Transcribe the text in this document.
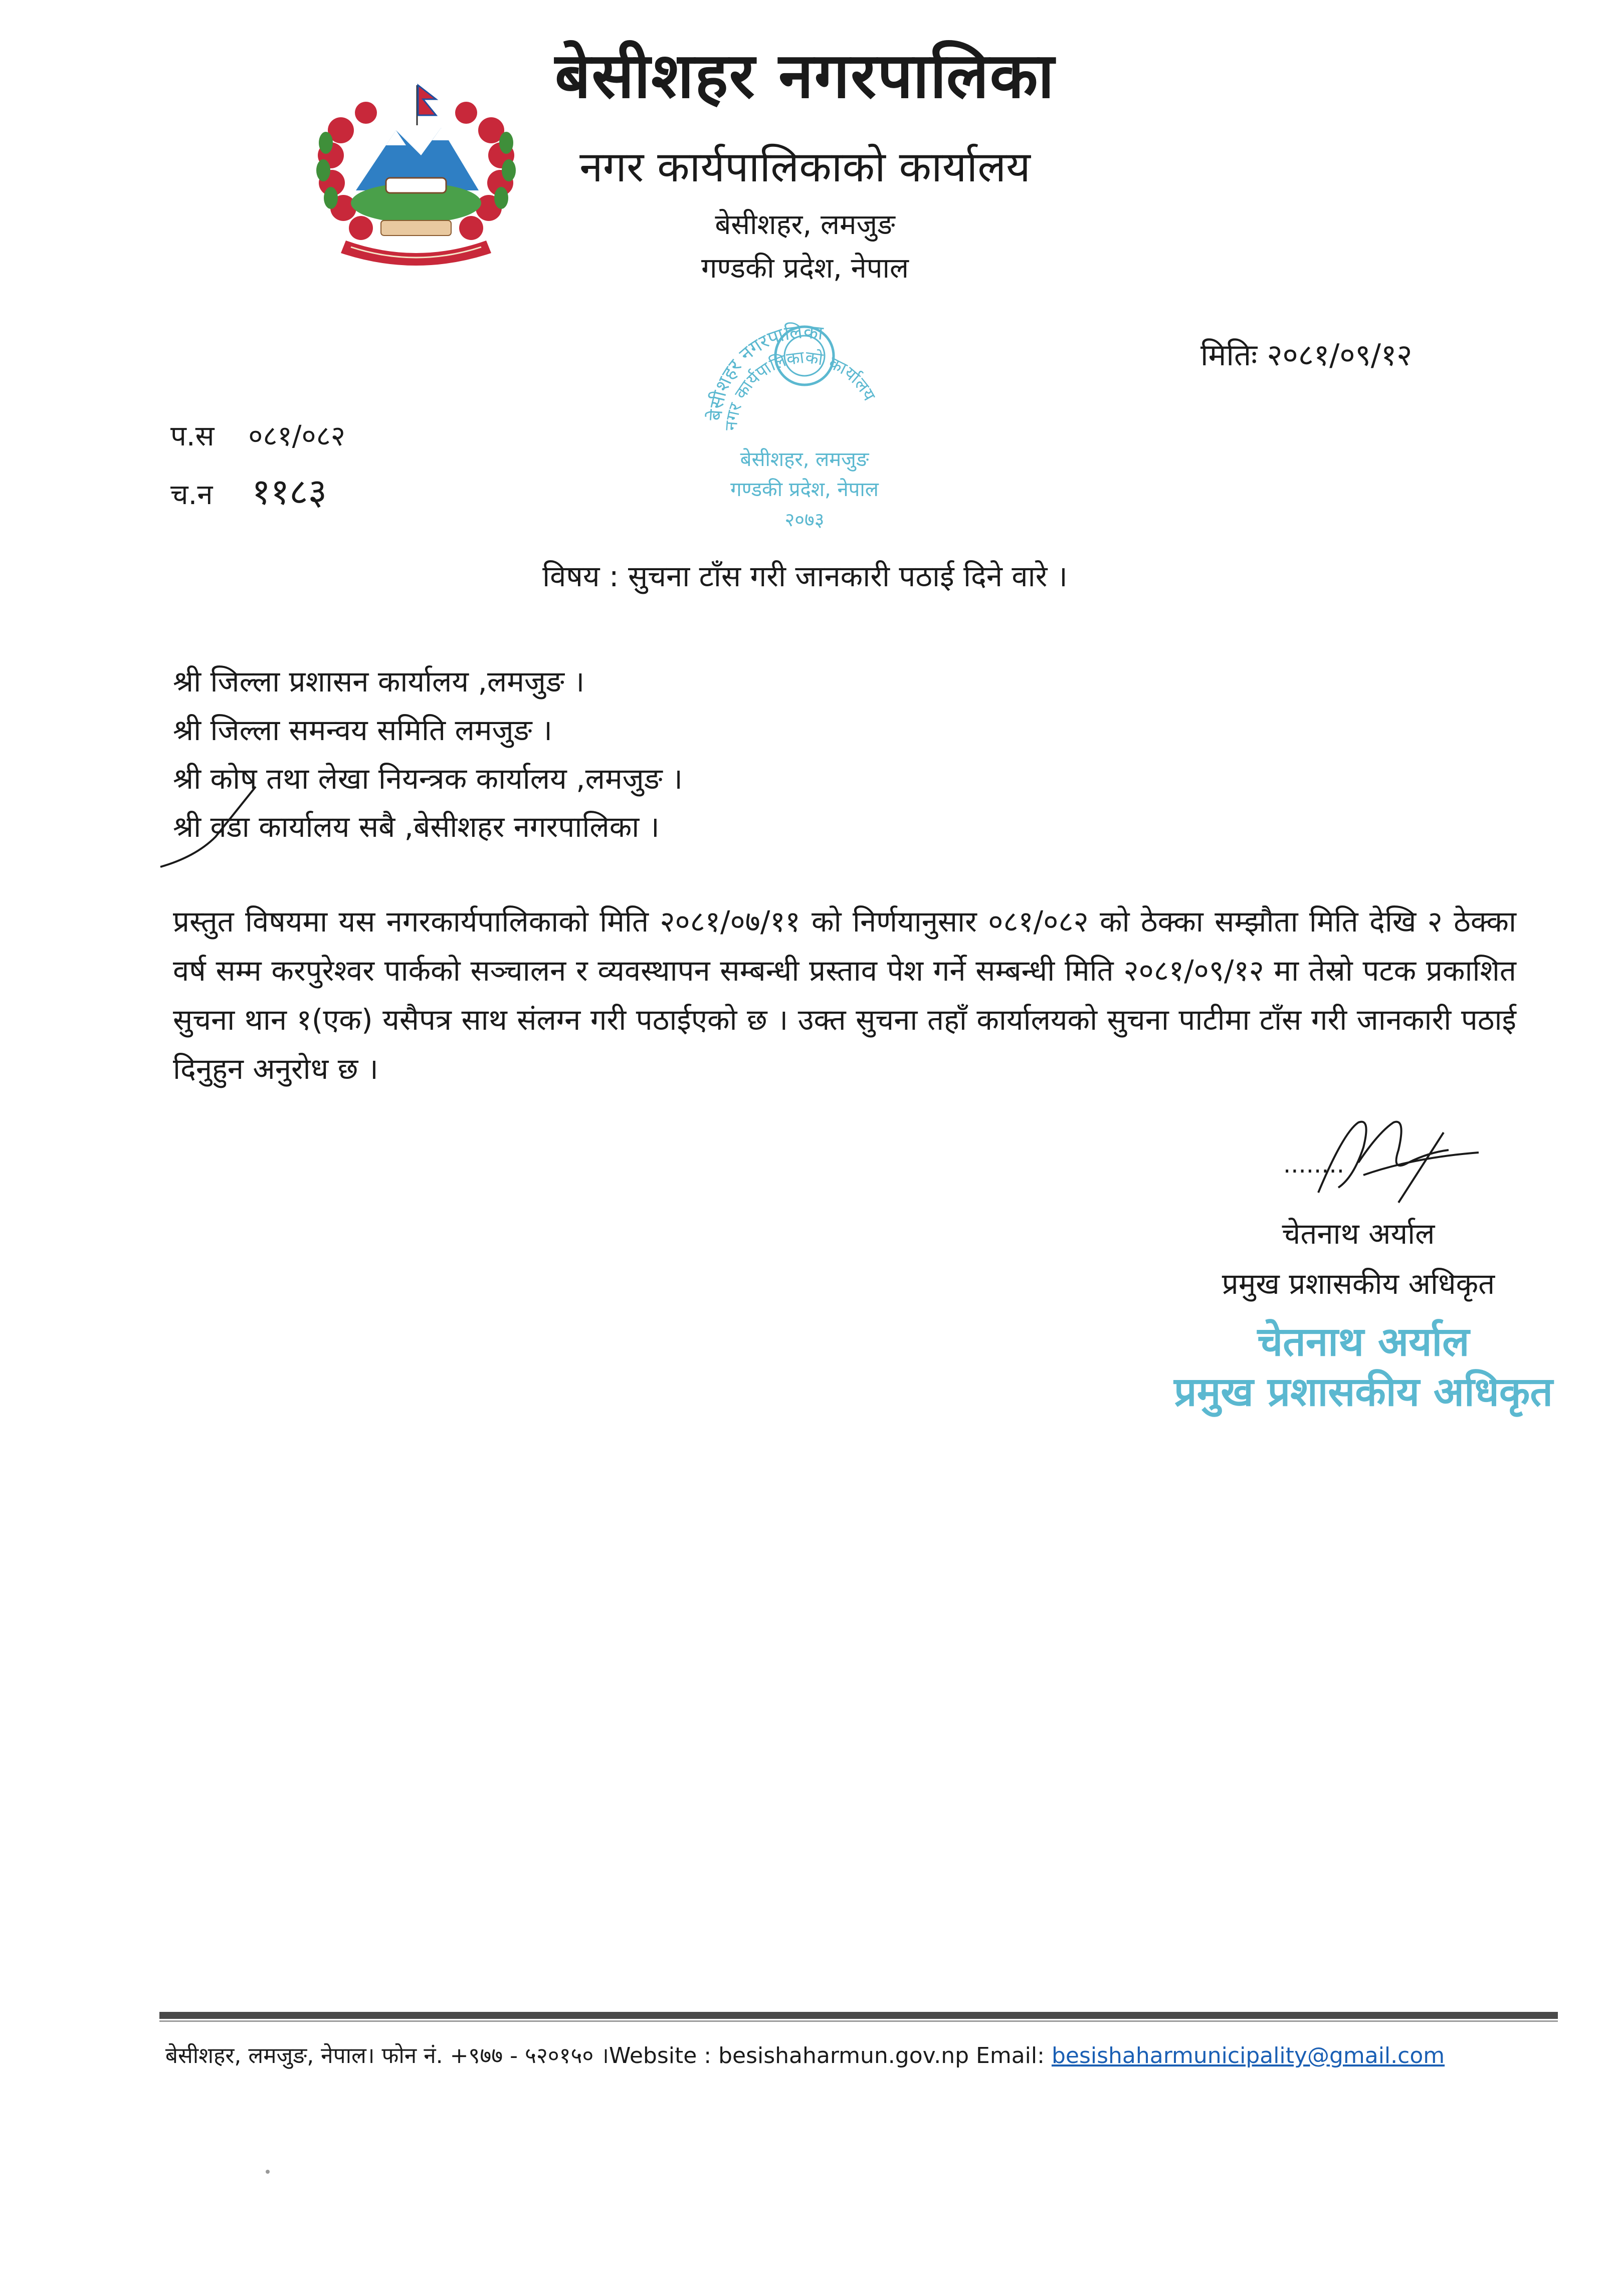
बेसीशहर नगरपालिका
नगर कार्यपालिकाको कार्यालय
बेसीशहर, लमजुङ
गण्डकी प्रदेश, नेपाल
बेसीशहर नगरपालिका
नगर कार्यपालिकाको कार्यालय
बेसीशहर, लमजुङ
गण्डकी प्रदेश, नेपाल
२०७३
मितिः २०८१/०९/१२
प.स ०८१/०८२
च.न ११८३
विषय : सुचना टाँस गरी जानकारी पठाई दिने वारे ।
श्री जिल्ला प्रशासन कार्यालय ,लमजुङ ।
श्री जिल्ला समन्वय समिति लमजुङ ।
श्री कोष तथा लेखा नियन्त्रक कार्यालय ,लमजुङ ।
श्री वडा कार्यालय सबै ,बेसीशहर नगरपालिका ।
प्रस्तुत विषयमा यस नगरकार्यपालिकाको मिति २०८१/०७/११ को निर्णयानुसार ०८१/०८२ को ठेक्का सम्झौता मिति देखि २ ठेक्का वर्ष सम्म करपुरेश्वर पार्कको सञ्चालन र व्यवस्थापन सम्बन्धी प्रस्ताव पेश गर्ने सम्बन्धी मिति २०८१/०९/१२ मा तेस्रो पटक प्रकाशित सुचना थान १(एक) यसैपत्र साथ संलग्न गरी पठाईएको छ । उक्त सुचना तहाँ कार्यालयको सुचना पाटीमा टाँस गरी जानकारी पठाई दिनुहुन अनुरोध छ ।
........
चेतनाथ अर्याल
प्रमुख प्रशासकीय अधिकृत
चेतनाथ अर्याल
प्रमुख प्रशासकीय अधिकृत
बेसीशहर, लमजुङ, नेपाल। फोन नं. +९७७ - ५२०१५० ।Website : besishaharmun.gov.np Email: besishaharmunicipality@gmail.com
